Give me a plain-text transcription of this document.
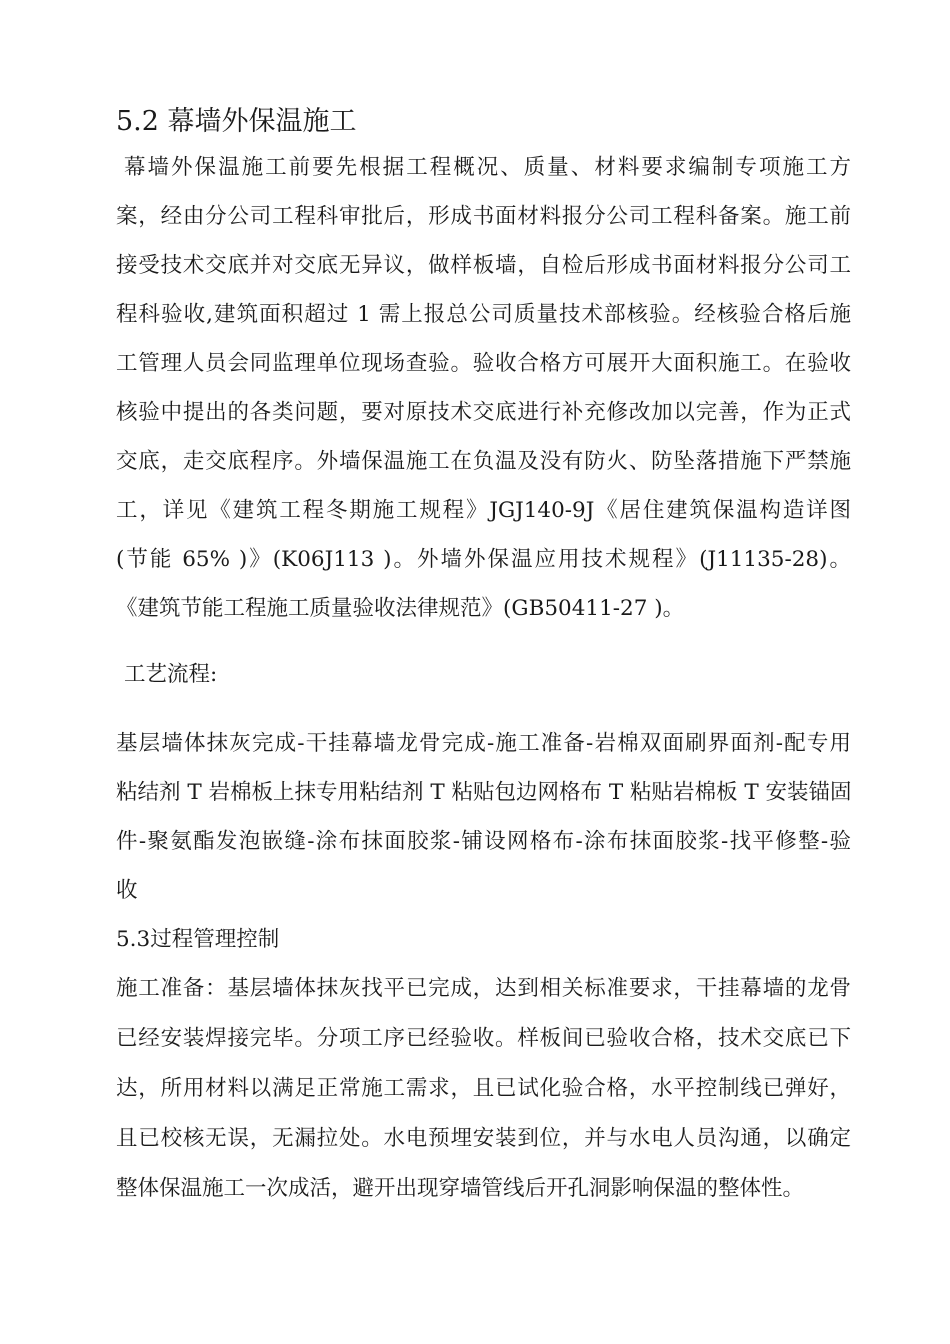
5.2 幕墙外保温施工

幕墙外保温施工前要先根据工程概况、质量、材料要求编制专项施工方

案，经由分公司工程科审批后，形成书面材料报分公司工程科备案。施工前

接受技术交底并对交底无异议，做样板墙，自检后形成书面材料报分公司工

程科验收,建筑面积超过 1 需上报总公司质量技术部核验。经核验合格后施

工管理人员会同监理单位现场查验。验收合格方可展开大面积施工。在验收

核验中提出的各类问题，要对原技术交底进行补充修改加以完善，作为正式

交底，走交底程序。外墙保温施工在负温及没有防火、防坠落措施下严禁施

工，详见《建筑工程冬期施工规程》JGJ140-9J《居住建筑保温构造详图

(节能 65% )》(K06J113 )。外墙外保温应用技术规程》(J11135-28)。

《建筑节能工程施工质量验收法律规范》(GB50411-27 )。

工艺流程:

基层墙体抹灰完成-干挂幕墙龙骨完成-施工准备-岩棉双面刷界面剂-配专用

粘结剂 T 岩棉板上抹专用粘结剂 T 粘贴包边网格布 T 粘贴岩棉板 T 安装锚固

件-聚氨酯发泡嵌缝-涂布抹面胶浆-铺设网格布-涂布抹面胶浆-找平修整-验

收

5.3过程管理控制

施工准备：基层墙体抹灰找平已完成，达到相关标准要求，干挂幕墙的龙骨

已经安装焊接完毕。分项工序已经验收。样板间已验收合格，技术交底已下

达，所用材料以满足正常施工需求，且已试化验合格，水平控制线已弹好，

且已校核无误，无漏拉处。水电预埋安装到位，并与水电人员沟通，以确定

整体保温施工一次成活，避开出现穿墙管线后开孔洞影响保温的整体性。
